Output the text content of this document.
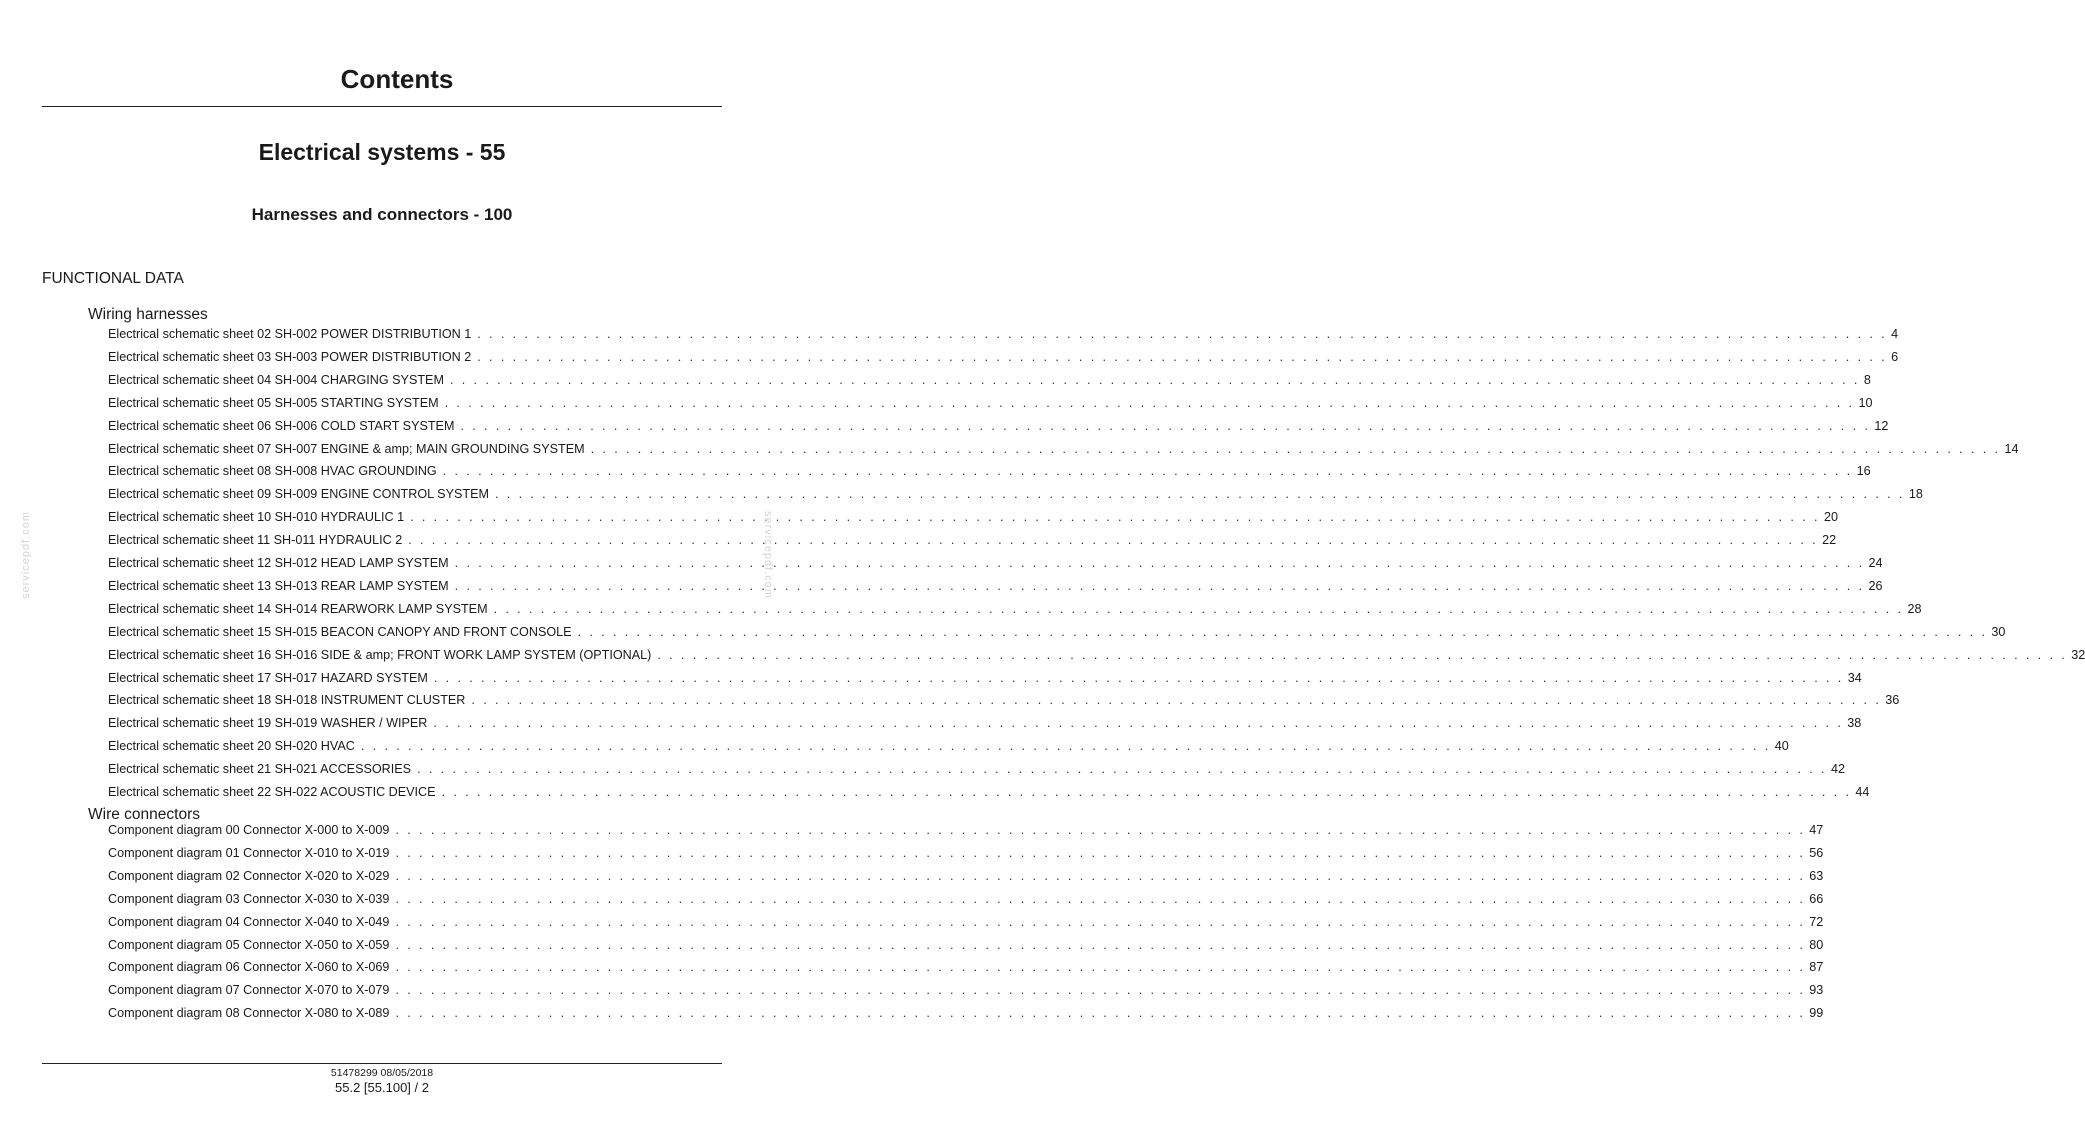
Contents
Electrical systems - 55
Harnesses and connectors - 100
FUNCTIONAL DATA
Wiring harnesses
Electrical schematic sheet 02 SH-002 POWER DISTRIBUTION 1 . . . . . . . . . . . . . . . . . . . . . . . . . . . . . . . . . . . . . . . . . . . . . . . . . . . . . . . . . . . . . . . . . . . . . . . . . . . . . . . . . . . . . . . . . . . . . . . . . . . . . . . . . . . . . . . . . . . . . . . . 4
Electrical schematic sheet 03 SH-003 POWER DISTRIBUTION 2 . . . . . . . . . . . . . . . . . . . . . . . . . . . . . . . . . . . . . . . . . . . . . . . . . . . . . . . . . . . . . . . . . . . . . . . . . . . . . . . . . . . . . . . . . . . . . . . . . . . . . . . . . . . . . . . . . . . . . . . . 6
Electrical schematic sheet 04 SH-004 CHARGING SYSTEM . . . . . . . . . . . . . . . . . . . . . . . . . . . . . . . . . . . . . . . . . . . . . . . . . . . . . . . . . . . . . . . . . . . . . . . . . . . . . . . . . . . . . . . . . . . . . . . . . . . . . . . . . . . . . . . . . . . . . . . . 8
Electrical schematic sheet 05 SH-005 STARTING SYSTEM . . . . . . . . . . . . . . . . . . . . . . . . . . . . . . . . . . . . . . . . . . . . . . . . . . . . . . . . . . . . . . . . . . . . . . . . . . . . . . . . . . . . . . . . . . . . . . . . . . . . . . . . . . . . . . . . . . . . . . . . 10
Electrical schematic sheet 06 SH-006 COLD START SYSTEM . . . . . . . . . . . . . . . . . . . . . . . . . . . . . . . . . . . . . . . . . . . . . . . . . . . . . . . . . . . . . . . . . . . . . . . . . . . . . . . . . . . . . . . . . . . . . . . . . . . . . . . . . . . . . . . . . . . . . . . . 12
Electrical schematic sheet 07 SH-007 ENGINE & amp; MAIN GROUNDING SYSTEM . . . . . . . . . . . . . . . . . . . . . . . . . . . . . . . . . . . . . . . . . . . . . . . . . . . . . . . . . . . . . . . . . . . . . . . . . . . . . . . . . . . . . . . . . . . . . . . . . . . . . . . . . . . . . . . . . . . . . . . . 14
Electrical schematic sheet 08 SH-008 HVAC GROUNDING . . . . . . . . . . . . . . . . . . . . . . . . . . . . . . . . . . . . . . . . . . . . . . . . . . . . . . . . . . . . . . . . . . . . . . . . . . . . . . . . . . . . . . . . . . . . . . . . . . . . . . . . . . . . . . . . . . . . . . . . 16
Electrical schematic sheet 09 SH-009 ENGINE CONTROL SYSTEM . . . . . . . . . . . . . . . . . . . . . . . . . . . . . . . . . . . . . . . . . . . . . . . . . . . . . . . . . . . . . . . . . . . . . . . . . . . . . . . . . . . . . . . . . . . . . . . . . . . . . . . . . . . . . . . . . . . . . . . . 18
Electrical schematic sheet 10 SH-010 HYDRAULIC 1 . . . . . . . . . . . . . . . . . . . . . . . . . . . . . . . . . . . . . . . . . . . . . . . . . . . . . . . . . . . . . . . . . . . . . . . . . . . . . . . . . . . . . . . . . . . . . . . . . . . . . . . . . . . . . . . . . . . . . . . . 20
Electrical schematic sheet 11 SH-011 HYDRAULIC 2 . . . . . . . . . . . . . . . . . . . . . . . . . . . . . . . . . . . . . . . . . . . . . . . . . . . . . . . . . . . . . . . . . . . . . . . . . . . . . . . . . . . . . . . . . . . . . . . . . . . . . . . . . . . . . . . . . . . . . . . . 22
Electrical schematic sheet 12 SH-012 HEAD LAMP SYSTEM . . . . . . . . . . . . . . . . . . . . . . . . . . . . . . . . . . . . . . . . . . . . . . . . . . . . . . . . . . . . . . . . . . . . . . . . . . . . . . . . . . . . . . . . . . . . . . . . . . . . . . . . . . . . . . . . . . . . . . . . 24
Electrical schematic sheet 13 SH-013 REAR LAMP SYSTEM . . . . . . . . . . . . . . . . . . . . . . . . . . . . . . . . . . . . . . . . . . . . . . . . . . . . . . . . . . . . . . . . . . . . . . . . . . . . . . . . . . . . . . . . . . . . . . . . . . . . . . . . . . . . . . . . . . . . . . . . 26
Electrical schematic sheet 14 SH-014 REARWORK LAMP SYSTEM . . . . . . . . . . . . . . . . . . . . . . . . . . . . . . . . . . . . . . . . . . . . . . . . . . . . . . . . . . . . . . . . . . . . . . . . . . . . . . . . . . . . . . . . . . . . . . . . . . . . . . . . . . . . . . . . . . . . . . . . 28
Electrical schematic sheet 15 SH-015 BEACON CANOPY AND FRONT CONSOLE . . . . . . . . . . . . . . . . . . . . . . . . . . . . . . . . . . . . . . . . . . . . . . . . . . . . . . . . . . . . . . . . . . . . . . . . . . . . . . . . . . . . . . . . . . . . . . . . . . . . . . . . . . . . . . . . . . . . . . . . 30
Electrical schematic sheet 16 SH-016 SIDE & amp; FRONT WORK LAMP SYSTEM (OPTIONAL) . . . . . . . . . . . . . . . . . . . . . . . . . . . . . . . . . . . . . . . . . . . . . . . . . . . . . . . . . . . . . . . . . . . . . . . . . . . . . . . . . . . . . . . . . . . . . . . . . . . . . . . . . . . . . . . . . . . . . . . . 32
Electrical schematic sheet 17 SH-017 HAZARD SYSTEM . . . . . . . . . . . . . . . . . . . . . . . . . . . . . . . . . . . . . . . . . . . . . . . . . . . . . . . . . . . . . . . . . . . . . . . . . . . . . . . . . . . . . . . . . . . . . . . . . . . . . . . . . . . . . . . . . . . . . . . . 34
Electrical schematic sheet 18 SH-018 INSTRUMENT CLUSTER . . . . . . . . . . . . . . . . . . . . . . . . . . . . . . . . . . . . . . . . . . . . . . . . . . . . . . . . . . . . . . . . . . . . . . . . . . . . . . . . . . . . . . . . . . . . . . . . . . . . . . . . . . . . . . . . . . . . . . . . 36
Electrical schematic sheet 19 SH-019 WASHER / WIPER . . . . . . . . . . . . . . . . . . . . . . . . . . . . . . . . . . . . . . . . . . . . . . . . . . . . . . . . . . . . . . . . . . . . . . . . . . . . . . . . . . . . . . . . . . . . . . . . . . . . . . . . . . . . . . . . . . . . . . . . 38
Electrical schematic sheet 20 SH-020 HVAC . . . . . . . . . . . . . . . . . . . . . . . . . . . . . . . . . . . . . . . . . . . . . . . . . . . . . . . . . . . . . . . . . . . . . . . . . . . . . . . . . . . . . . . . . . . . . . . . . . . . . . . . . . . . . . . . . . . . . . . . 40
Electrical schematic sheet 21 SH-021 ACCESSORIES . . . . . . . . . . . . . . . . . . . . . . . . . . . . . . . . . . . . . . . . . . . . . . . . . . . . . . . . . . . . . . . . . . . . . . . . . . . . . . . . . . . . . . . . . . . . . . . . . . . . . . . . . . . . . . . . . . . . . . . . 42
Electrical schematic sheet 22 SH-022 ACOUSTIC DEVICE . . . . . . . . . . . . . . . . . . . . . . . . . . . . . . . . . . . . . . . . . . . . . . . . . . . . . . . . . . . . . . . . . . . . . . . . . . . . . . . . . . . . . . . . . . . . . . . . . . . . . . . . . . . . . . . . . . . . . . . . 44
Wire connectors
Component diagram 00 Connector X-000 to X-009 . . . . . . . . . . . . . . . . . . . . . . . . . . . . . . . . . . . . . . . . . . . . . . . . . . . . . . . . . . . . . . . . . . . . . . . . . . . . . . . . . . . . . . . . . . . . . . . . . . . . . . . . . . . . . . . . . . . . . . . . 47
Component diagram 01 Connector X-010 to X-019 . . . . . . . . . . . . . . . . . . . . . . . . . . . . . . . . . . . . . . . . . . . . . . . . . . . . . . . . . . . . . . . . . . . . . . . . . . . . . . . . . . . . . . . . . . . . . . . . . . . . . . . . . . . . . . . . . . . . . . . . 56
Component diagram 02 Connector X-020 to X-029 . . . . . . . . . . . . . . . . . . . . . . . . . . . . . . . . . . . . . . . . . . . . . . . . . . . . . . . . . . . . . . . . . . . . . . . . . . . . . . . . . . . . . . . . . . . . . . . . . . . . . . . . . . . . . . . . . . . . . . . . 63
Component diagram 03 Connector X-030 to X-039 . . . . . . . . . . . . . . . . . . . . . . . . . . . . . . . . . . . . . . . . . . . . . . . . . . . . . . . . . . . . . . . . . . . . . . . . . . . . . . . . . . . . . . . . . . . . . . . . . . . . . . . . . . . . . . . . . . . . . . . . 66
Component diagram 04 Connector X-040 to X-049 . . . . . . . . . . . . . . . . . . . . . . . . . . . . . . . . . . . . . . . . . . . . . . . . . . . . . . . . . . . . . . . . . . . . . . . . . . . . . . . . . . . . . . . . . . . . . . . . . . . . . . . . . . . . . . . . . . . . . . . . 72
Component diagram 05 Connector X-050 to X-059 . . . . . . . . . . . . . . . . . . . . . . . . . . . . . . . . . . . . . . . . . . . . . . . . . . . . . . . . . . . . . . . . . . . . . . . . . . . . . . . . . . . . . . . . . . . . . . . . . . . . . . . . . . . . . . . . . . . . . . . . 80
Component diagram 06 Connector X-060 to X-069 . . . . . . . . . . . . . . . . . . . . . . . . . . . . . . . . . . . . . . . . . . . . . . . . . . . . . . . . . . . . . . . . . . . . . . . . . . . . . . . . . . . . . . . . . . . . . . . . . . . . . . . . . . . . . . . . . . . . . . . . 87
Component diagram 07 Connector X-070 to X-079 . . . . . . . . . . . . . . . . . . . . . . . . . . . . . . . . . . . . . . . . . . . . . . . . . . . . . . . . . . . . . . . . . . . . . . . . . . . . . . . . . . . . . . . . . . . . . . . . . . . . . . . . . . . . . . . . . . . . . . . . 93
Component diagram 08 Connector X-080 to X-089 . . . . . . . . . . . . . . . . . . . . . . . . . . . . . . . . . . . . . . . . . . . . . . . . . . . . . . . . . . . . . . . . . . . . . . . . . . . . . . . . . . . . . . . . . . . . . . . . . . . . . . . . . . . . . . . . . . . . . . . . 99
servicepdf.com	servicepdf.com
51478299 08/05/2018
55.2 [55.100] / 2
